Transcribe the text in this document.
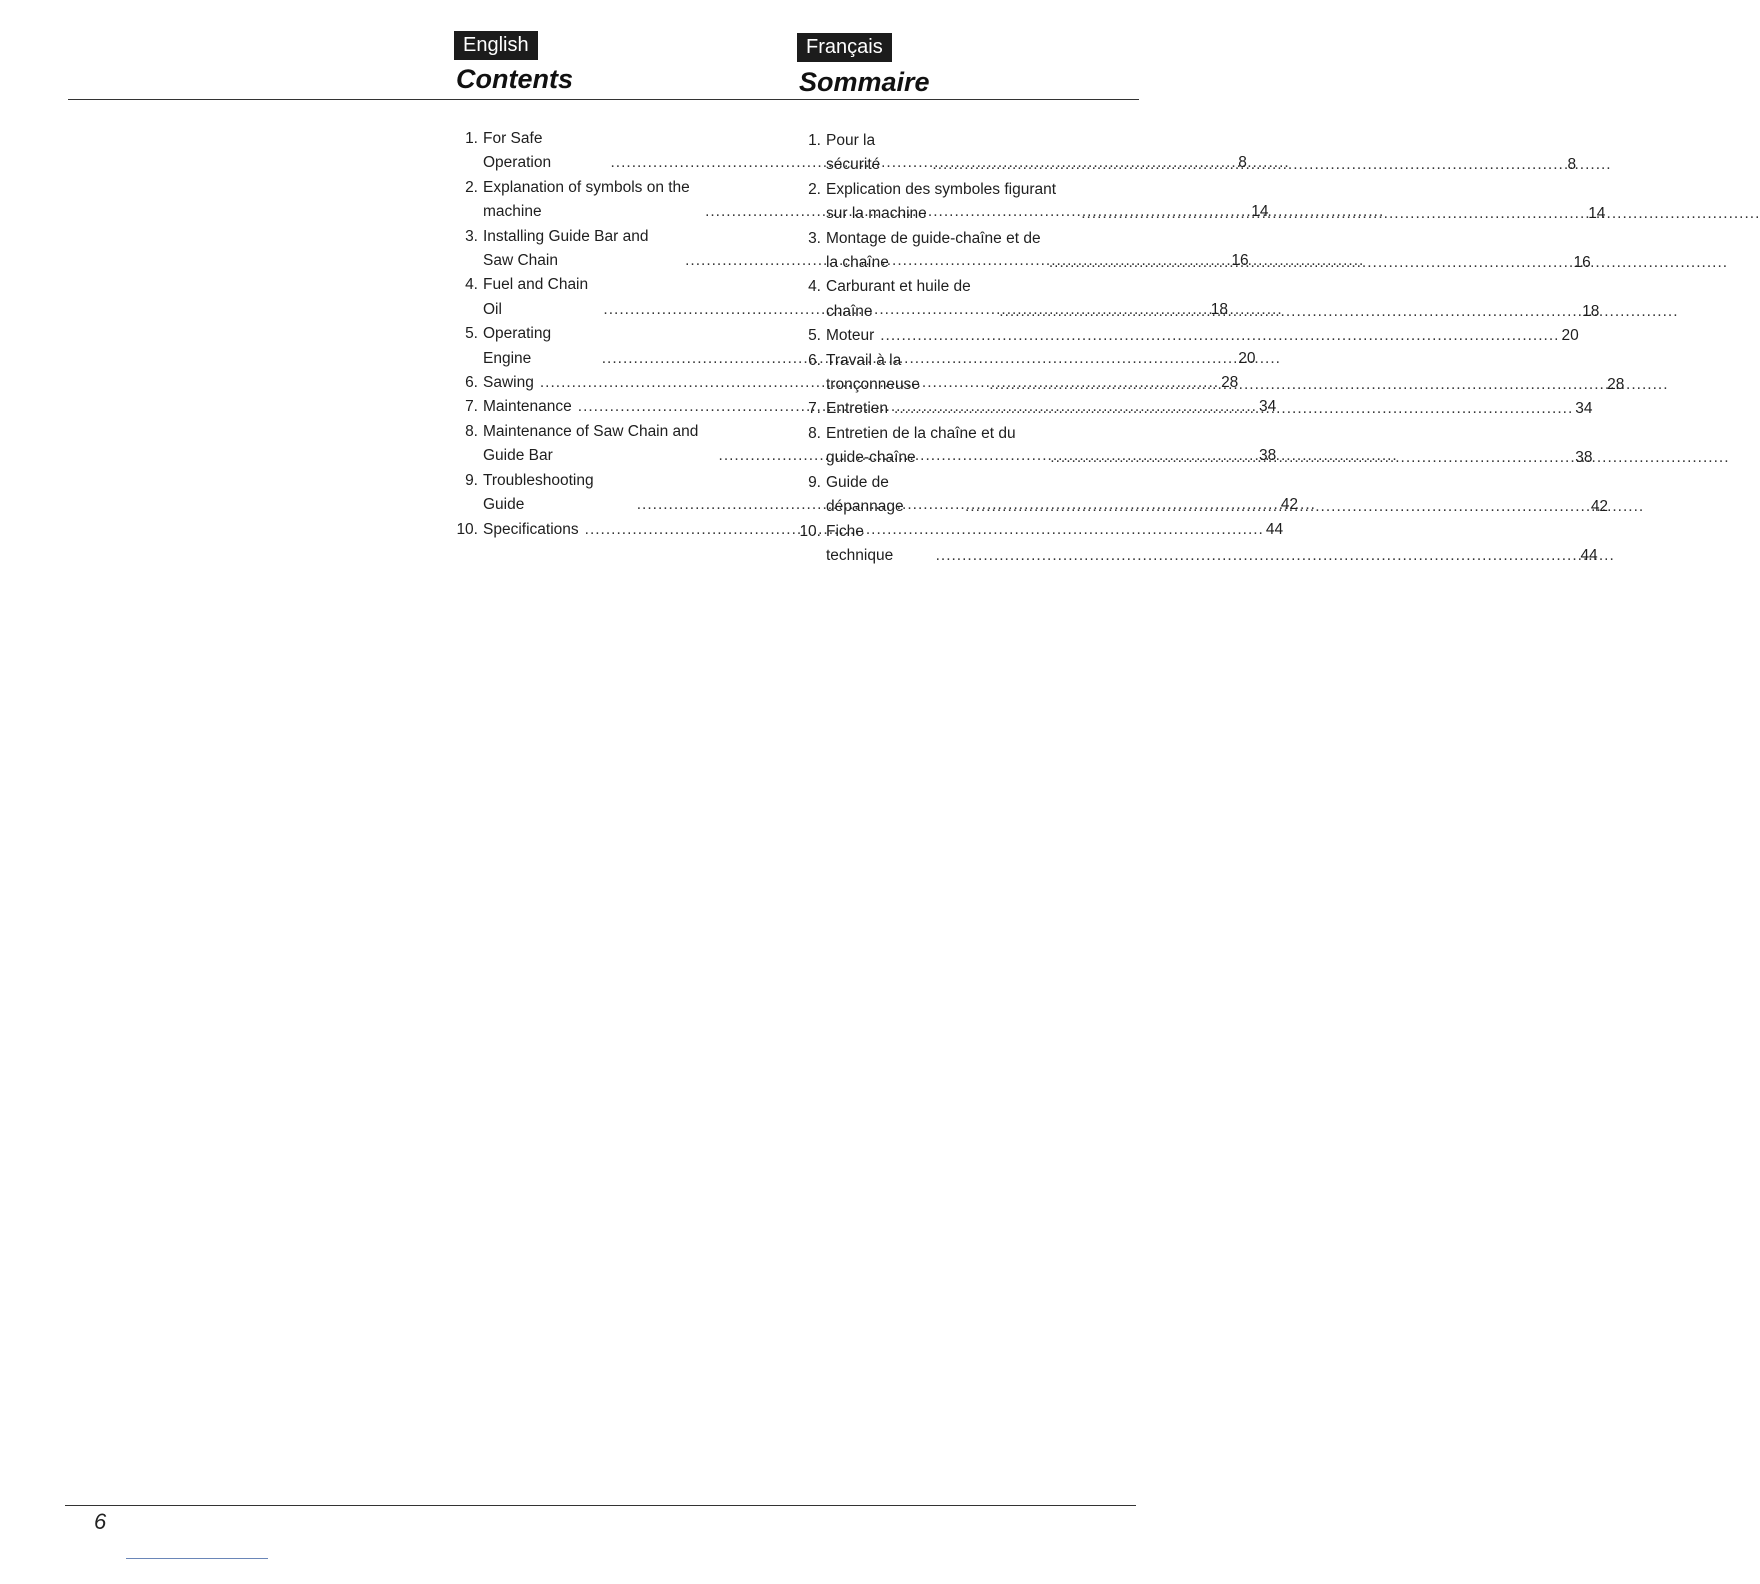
English
Contents
Français
Sommaire
1. For Safe Operation .....	8
2. Explanation of symbols on the machine .....	14
3. Installing Guide Bar and Saw Chain .....	16
4. Fuel and Chain Oil .....	18
5. Operating Engine .....	20
6. Sawing .....	28
7. Maintenance .....	34
8. Maintenance of Saw Chain and Guide Bar .....	38
9. Troubleshooting Guide .....	42
10. Specifications .....	44
1. Pour la sécurité .....	8
2. Explication des symboles figurant sur la machine .....	14
3. Montage de guide-chaîne et de la chaîne .....	16
4. Carburant et huile de chaîne .....	18
5. Moteur .....	20
6. Travail à la tronçonneuse .....	28
7. Entretien .....	34
8. Entretien de la chaîne et du guide-chaîne .....	38
9. Guide de dépannage .....	42
10. Fiche technique .....	44
6
